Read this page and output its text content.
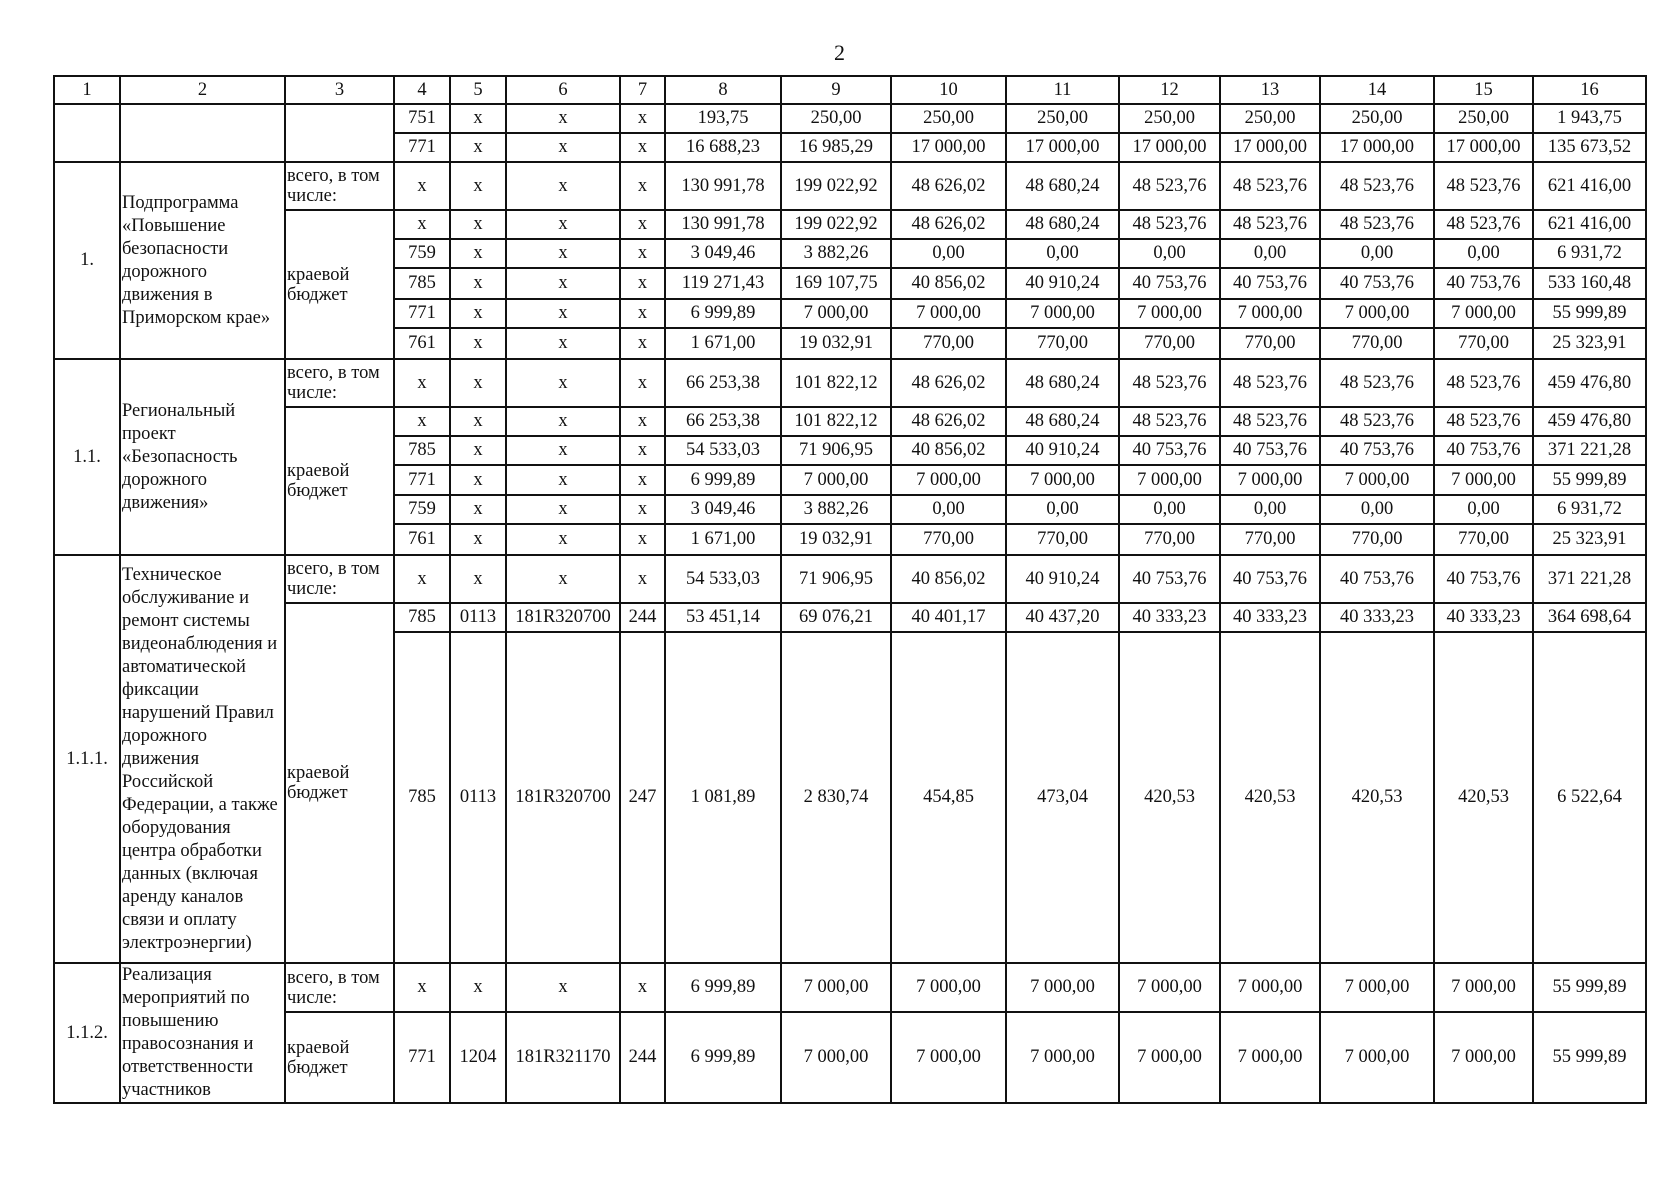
2
1	2	3	4	5	6	7	8	9	10	11	12	13	14	15	16
			751	x	x	x	193,75	250,00	250,00	250,00	250,00	250,00	250,00	250,00	1 943,75
			771	x	x	x	16 688,23	16 985,29	17 000,00	17 000,00	17 000,00	17 000,00	17 000,00	17 000,00	135 673,52
1.	Подпрограмма «Повышение безопасности дорожного движения в Приморском крае»	всего, в том числе:	x	x	x	x	130 991,78	199 022,92	48 626,02	48 680,24	48 523,76	48 523,76	48 523,76	48 523,76	621 416,00
		краевой бюджет	x	x	x	x	130 991,78	199 022,92	48 626,02	48 680,24	48 523,76	48 523,76	48 523,76	48 523,76	621 416,00
			759	x	x	x	3 049,46	3 882,26	0,00	0,00	0,00	0,00	0,00	0,00	6 931,72
			785	x	x	x	119 271,43	169 107,75	40 856,02	40 910,24	40 753,76	40 753,76	40 753,76	40 753,76	533 160,48
			771	x	x	x	6 999,89	7 000,00	7 000,00	7 000,00	7 000,00	7 000,00	7 000,00	7 000,00	55 999,89
			761	x	x	x	1 671,00	19 032,91	770,00	770,00	770,00	770,00	770,00	770,00	25 323,91
1.1.	Региональный проект «Безопасность дорожного движения»	всего, в том числе:	x	x	x	x	66 253,38	101 822,12	48 626,02	48 680,24	48 523,76	48 523,76	48 523,76	48 523,76	459 476,80
		краевой бюджет	x	x	x	x	66 253,38	101 822,12	48 626,02	48 680,24	48 523,76	48 523,76	48 523,76	48 523,76	459 476,80
			785	x	x	x	54 533,03	71 906,95	40 856,02	40 910,24	40 753,76	40 753,76	40 753,76	40 753,76	371 221,28
			771	x	x	x	6 999,89	7 000,00	7 000,00	7 000,00	7 000,00	7 000,00	7 000,00	7 000,00	55 999,89
			759	x	x	x	3 049,46	3 882,26	0,00	0,00	0,00	0,00	0,00	0,00	6 931,72
			761	x	x	x	1 671,00	19 032,91	770,00	770,00	770,00	770,00	770,00	770,00	25 323,91
1.1.1.	Техническое обслуживание и ремонт системы видеонаблюдения и автоматической фиксации нарушений Правил дорожного движения Российской Федерации, а также оборудования центра обработки данных (включая аренду каналов связи и оплату электроэнергии)	всего, в том числе:	x	x	x	x	54 533,03	71 906,95	40 856,02	40 910,24	40 753,76	40 753,76	40 753,76	40 753,76	371 221,28
		краевой бюджет	785	0113	181R320700	244	53 451,14	69 076,21	40 401,17	40 437,20	40 333,23	40 333,23	40 333,23	40 333,23	364 698,64
			785	0113	181R320700	247	1 081,89	2 830,74	454,85	473,04	420,53	420,53	420,53	420,53	6 522,64
1.1.2.	Реализация мероприятий по повышению правосознания и ответственности участников	всего, в том числе:	x	x	x	x	6 999,89	7 000,00	7 000,00	7 000,00	7 000,00	7 000,00	7 000,00	7 000,00	55 999,89
		краевой бюджет	771	1204	181R321170	244	6 999,89	7 000,00	7 000,00	7 000,00	7 000,00	7 000,00	7 000,00	7 000,00	55 999,89
